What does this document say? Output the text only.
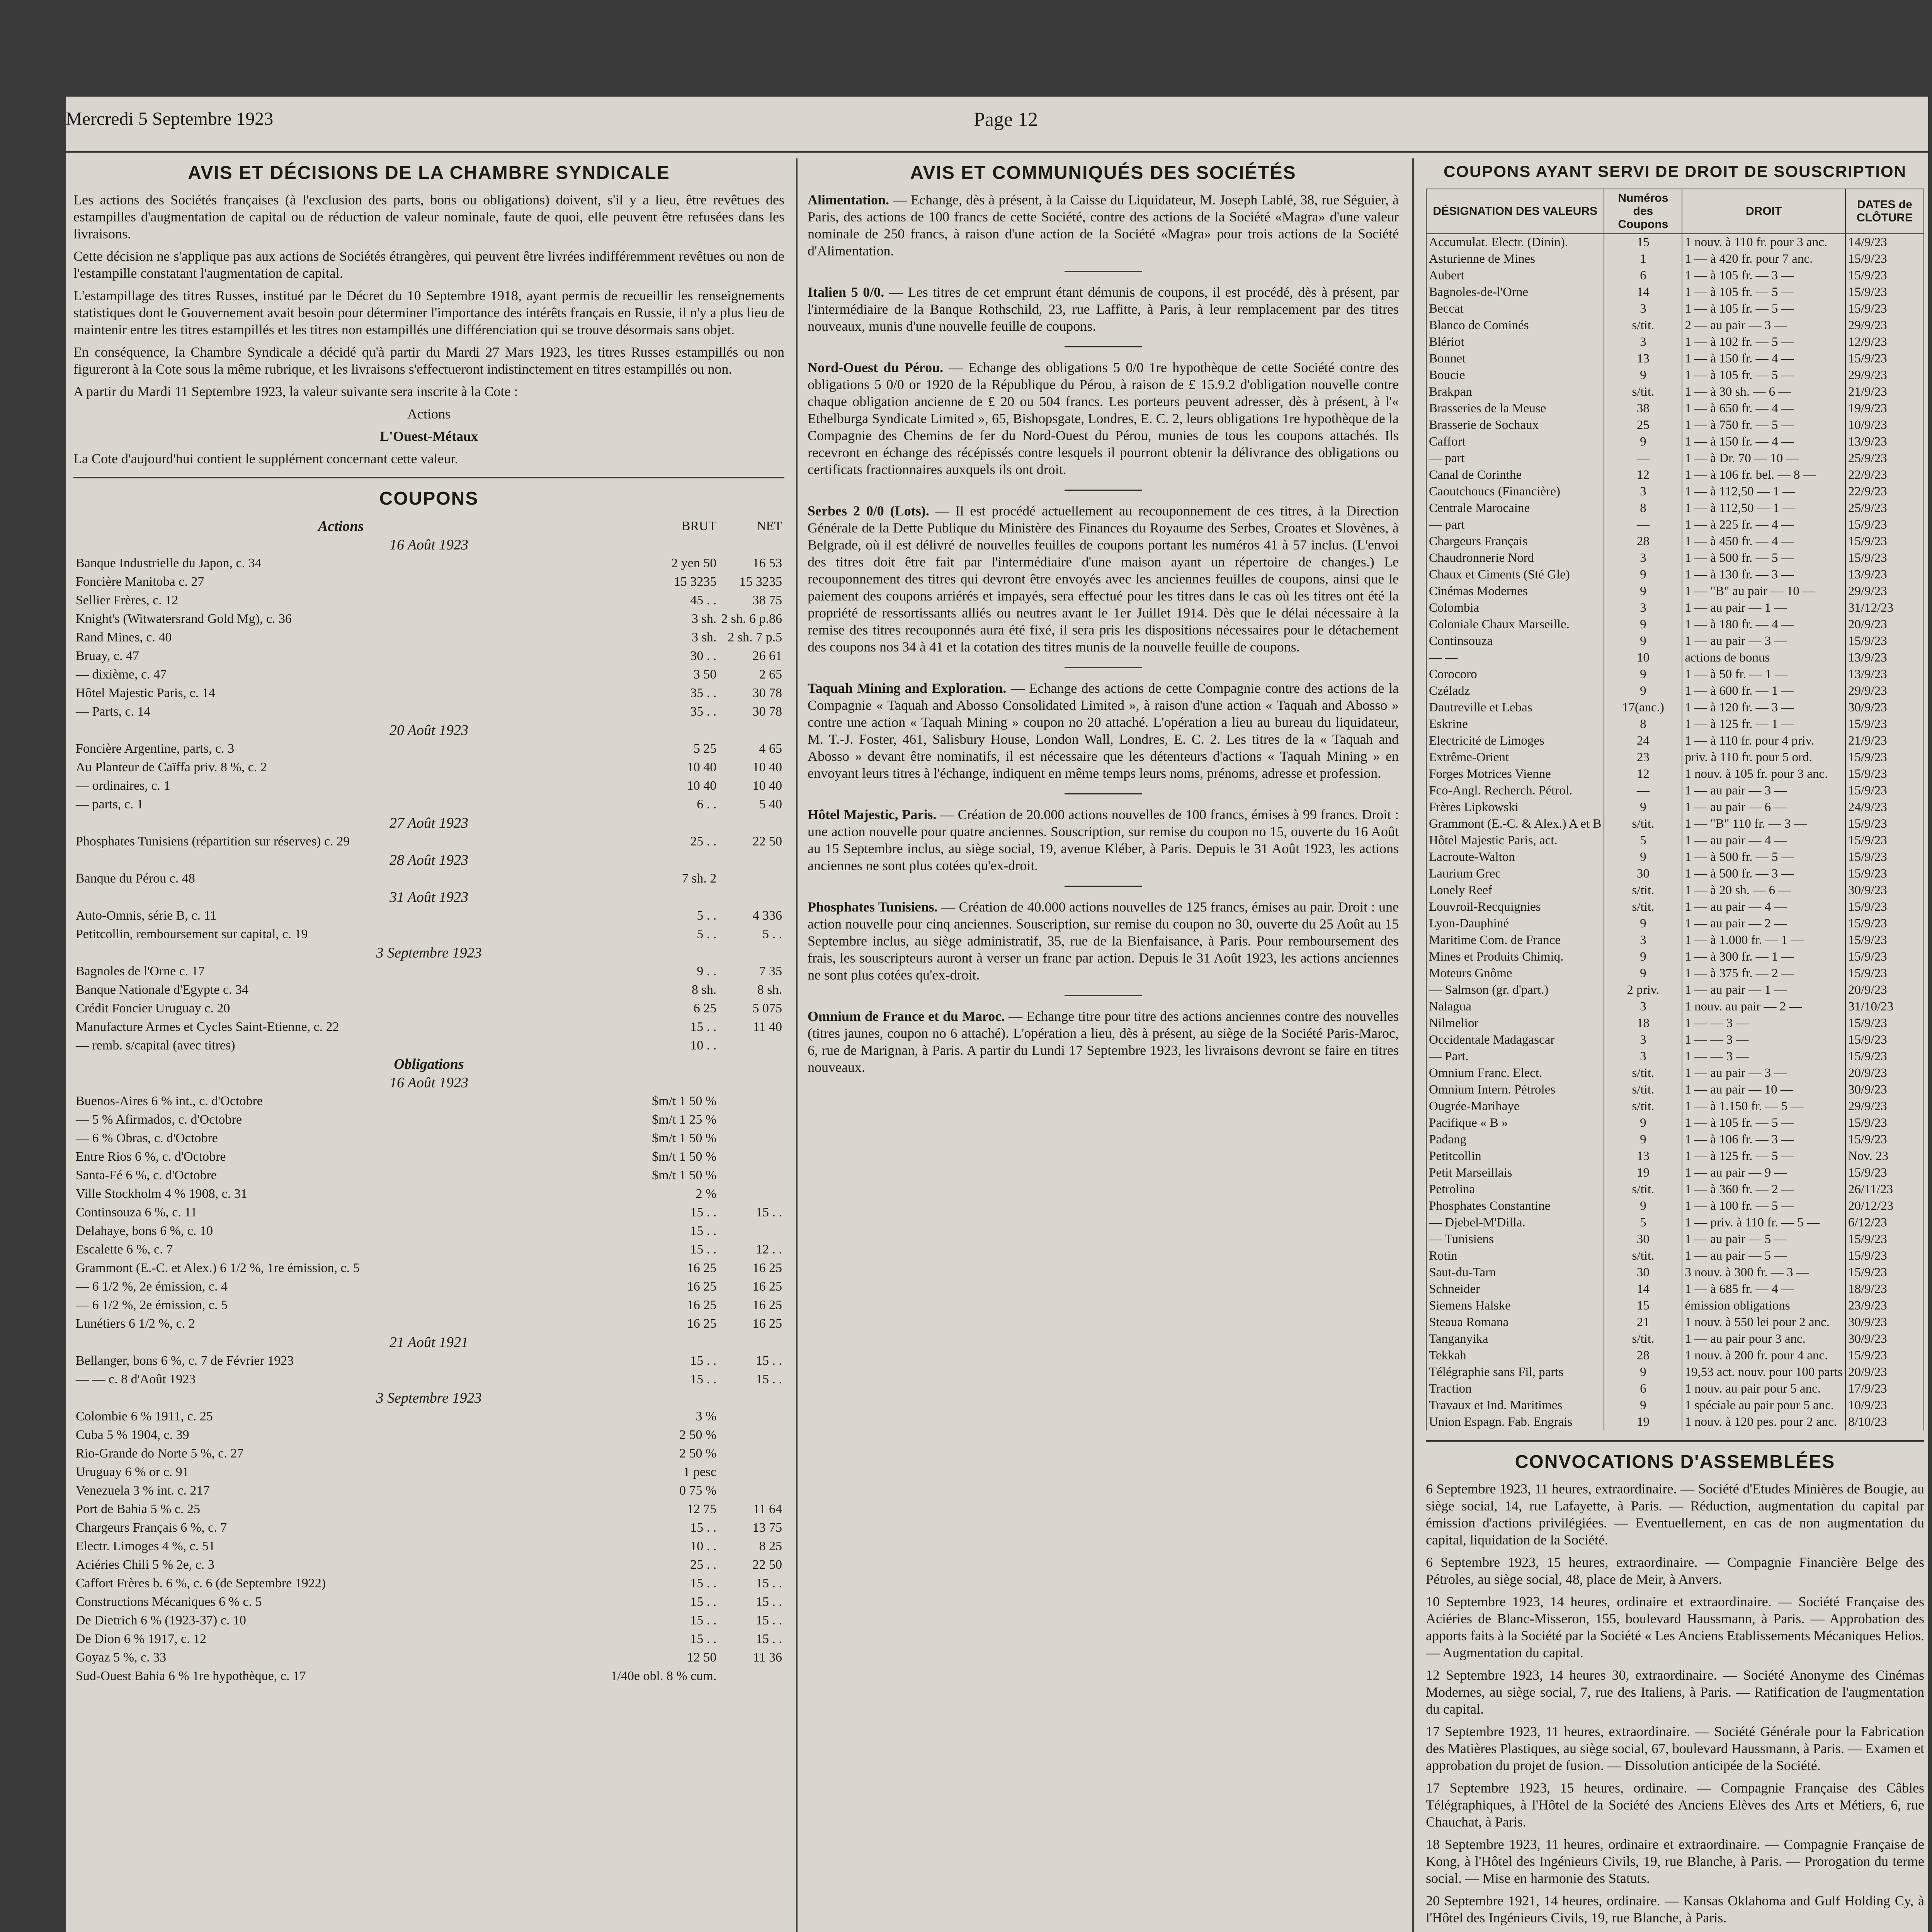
Mercredi 5 Septembre 1923	Page 12
AVIS ET DÉCISIONS DE LA CHAMBRE SYNDICALE

Les actions des Sociétés françaises (à l'exclusion des parts, bons ou obligations) doivent, s'il y a lieu, être revêtues des estampilles d'augmentation de capital ou de réduction de valeur nominale, faute de quoi, elle peuvent être refusées dans les livraisons.

Cette décision ne s'applique pas aux actions de Sociétés étrangères, qui peuvent être livrées indifféremment revêtues ou non de l'estampille constatant l'augmentation de capital.

L'estampillage des titres Russes, institué par le Décret du 10 Septembre 1918, ayant permis de recueillir les renseignements statistiques dont le Gouvernement avait besoin pour déterminer l'importance des intérêts français en Russie, il n'y a plus lieu de maintenir entre les titres estampillés et les titres non estampillés une différenciation qui se trouve désormais sans objet.

En conséquence, la Chambre Syndicale a décidé qu'à partir du Mardi 27 Mars 1923, les titres Russes estampillés ou non figureront à la Cote sous la même rubrique, et les livraisons s'effectueront indistinctement en titres estampillés ou non.

A partir du Mardi 11 Septembre 1923, la valeur suivante sera inscrite à la Cote :

Actions

L'Ouest-Métaux

La Cote d'aujourd'hui contient le supplément concernant cette valeur.

COUPONS
Actions	BRUT	NET
16 Août 1923		
Banque Industrielle du Japon, c. 34	2 yen 50	16 53
Foncière Manitoba c. 27	15 3235	15 3235
Sellier Frères, c. 12	45 . .	38 75
Knight's (Witwatersrand Gold Mg), c. 36	3 sh.	2 sh. 6 p.86
Rand Mines, c. 40	3 sh.	2 sh. 7 p.5
Bruay, c. 47	30 . .	26 61
— dixième, c. 47	3 50	2 65
Hôtel Majestic Paris, c. 14	35 . .	30 78
— Parts, c. 14	35 . .	30 78
20 Août 1923		
Foncière Argentine, parts, c. 3	5 25	4 65
Au Planteur de Caïffa priv. 8 %, c. 2	10 40	10 40
— ordinaires, c. 1	10 40	10 40
— parts, c. 1	6 . .	5 40
27 Août 1923		
Phosphates Tunisiens (répartition sur réserves) c. 29	25 . .	22 50
28 Août 1923		
Banque du Pérou c. 48	7 sh. 2	
31 Août 1923		
Auto-Omnis, série B, c. 11	5 . .	4 336
Petitcollin, remboursement sur capital, c. 19	5 . .	5 . .
3 Septembre 1923		
Bagnoles de l'Orne c. 17	9 . .	7 35
Banque Nationale d'Egypte c. 34	8 sh.	8 sh.
Crédit Foncier Uruguay c. 20	6 25	5 075
Manufacture Armes et Cycles Saint-Etienne, c. 22	15 . .	11 40
— remb. s/capital (avec titres)	10 . .	
Obligations		
16 Août 1923		
Buenos-Aires 6 % int., c. d'Octobre	$m/t 1 50 %	
— 5 % Afirmados, c. d'Octobre	$m/t 1 25 %	
— 6 % Obras, c. d'Octobre	$m/t 1 50 %	
Entre Rios 6 %, c. d'Octobre	$m/t 1 50 %	
Santa-Fé 6 %, c. d'Octobre	$m/t 1 50 %	
Ville Stockholm 4 % 1908, c. 31	2 %	
Continsouza 6 %, c. 11	15 . .	15 . .
Delahaye, bons 6 %, c. 10	15 . .	
Escalette 6 %, c. 7	15 . .	12 . .
Grammont (E.-C. et Alex.) 6 1/2 %, 1re émission, c. 5	16 25	16 25
— 6 1/2 %, 2e émission, c. 4	16 25	16 25
— 6 1/2 %, 2e émission, c. 5	16 25	16 25
Lunétiers 6 1/2 %, c. 2	16 25	16 25
21 Août 1921		
Bellanger, bons 6 %, c. 7 de Février 1923	15 . .	15 . .
— — c. 8 d'Août 1923	15 . .	15 . .
3 Septembre 1923		
Colombie 6 % 1911, c. 25	3 %	
Cuba 5 % 1904, c. 39	2 50 %	
Rio-Grande do Norte 5 %, c. 27	2 50 %	
Uruguay 6 % or c. 91	1 pesc	
Venezuela 3 % int. c. 217	0 75 %	
Port de Bahia 5 % c. 25	12 75	11 64
Chargeurs Français 6 %, c. 7	15 . .	13 75
Electr. Limoges 4 %, c. 51	10 . .	8 25
Aciéries Chili 5 % 2e, c. 3	25 . .	22 50
Caffort Frères b. 6 %, c. 6 (de Septembre 1922)	15 . .	15 . .
Constructions Mécaniques 6 % c. 5	15 . .	15 . .
De Dietrich 6 % (1923-37) c. 10	15 . .	15 . .
De Dion 6 % 1917, c. 12	15 . .	15 . .
Goyaz 5 %, c. 33	12 50	11 36
Sud-Ouest Bahia 6 % 1re hypothèque, c. 17	1/40e obl. 8 % cum.	
AVIS ET COMMUNIQUÉS DES SOCIÉTÉS

Alimentation. — Echange, dès à présent, à la Caisse du Liquidateur, M. Joseph Lablé, 38, rue Séguier, à Paris, des actions de 100 francs de cette Société, contre des actions de la Société «Magra» d'une valeur nominale de 250 francs, à raison d'une action de la Société «Magra» pour trois actions de la Société d'Alimentation.

Italien 5 0/0. — Les titres de cet emprunt étant démunis de coupons, il est procédé, dès à présent, par l'intermédiaire de la Banque Rothschild, 23, rue Laffitte, à Paris, à leur remplacement par des titres nouveaux, munis d'une nouvelle feuille de coupons.

Nord-Ouest du Pérou. — Echange des obligations 5 0/0 1re hypothèque de cette Société contre des obligations 5 0/0 or 1920 de la République du Pérou, à raison de £ 15.9.2 d'obligation nouvelle contre chaque obligation ancienne de £ 20 ou 504 francs. Les porteurs peuvent adresser, dès à présent, à l'« Ethelburga Syndicate Limited », 65, Bishopsgate, Londres, E. C. 2, leurs obligations 1re hypothèque de la Compagnie des Chemins de fer du Nord-Ouest du Pérou, munies de tous les coupons attachés. Ils recevront en échange des récépissés contre lesquels il pourront obtenir la délivrance des obligations ou certificats fractionnaires auxquels ils ont droit.

Serbes 2 0/0 (Lots). — Il est procédé actuellement au recouponnement de ces titres, à la Direction Générale de la Dette Publique du Ministère des Finances du Royaume des Serbes, Croates et Slovènes, à Belgrade, où il est délivré de nouvelles feuilles de coupons portant les numéros 41 à 57 inclus. (L'envoi des titres doit être fait par l'intermédiaire d'une maison ayant un répertoire de changes.) Le recouponnement des titres qui devront être envoyés avec les anciennes feuilles de coupons, ainsi que le paiement des coupons arriérés et impayés, sera effectué pour les titres dans le cas où les titres ont été la propriété de ressortissants alliés ou neutres avant le 1er Juillet 1914. Dès que le délai nécessaire à la remise des titres recouponnés aura été fixé, il sera pris les dispositions nécessaires pour le détachement des coupons nos 34 à 41 et la cotation des titres munis de la nouvelle feuille de coupons.

Taquah Mining and Exploration. — Echange des actions de cette Compagnie contre des actions de la Compagnie « Taquah and Abosso Consolidated Limited », à raison d'une action « Taquah and Abosso » contre une action « Taquah Mining » coupon no 20 attaché. L'opération a lieu au bureau du liquidateur, M. T.-J. Foster, 461, Salisbury House, London Wall, Londres, E. C. 2. Les titres de la « Taquah and Abosso » devant être nominatifs, il est nécessaire que les détenteurs d'actions « Taquah Mining » en envoyant leurs titres à l'échange, indiquent en même temps leurs noms, prénoms, adresse et profession.

Hôtel Majestic, Paris. — Création de 20.000 actions nouvelles de 100 francs, émises à 99 francs. Droit : une action nouvelle pour quatre anciennes. Souscription, sur remise du coupon no 15, ouverte du 16 Août au 15 Septembre inclus, au siège social, 19, avenue Kléber, à Paris. Depuis le 31 Août 1923, les actions anciennes ne sont plus cotées qu'ex-droit.

Phosphates Tunisiens. — Création de 40.000 actions nouvelles de 125 francs, émises au pair. Droit : une action nouvelle pour cinq anciennes. Souscription, sur remise du coupon no 30, ouverte du 25 Août au 15 Septembre inclus, au siège administratif, 35, rue de la Bienfaisance, à Paris. Pour remboursement des frais, les souscripteurs auront à verser un franc par action. Depuis le 31 Août 1923, les actions anciennes ne sont plus cotées qu'ex-droit.

Omnium de France et du Maroc. — Echange titre pour titre des actions anciennes contre des nouvelles (titres jaunes, coupon no 6 attaché). L'opération a lieu, dès à présent, au siège de la Société Paris-Maroc, 6, rue de Marignan, à Paris. A partir du Lundi 17 Septembre 1923, les livraisons devront se faire en titres nouveaux.

COUPONS AYANT SERVI DE DROIT DE SOUSCRIPTION
DÉSIGNATION DES VALEURS	Numéros des Coupons	DROIT	DATES de CLÔTURE
Accumulat. Electr. (Dinin).	15	1 nouv. à 110 fr. pour 3 anc.	14/9/23
Asturienne de Mines	1	1 — à 420 fr. pour 7 anc.	15/9/23
Aubert	6	1 — à 105 fr. — 3 —	15/9/23
Bagnoles-de-l'Orne	14	1 — à 105 fr. — 5 —	15/9/23
Beccat	3	1 — à 105 fr. — 5 —	15/9/23
Blanco de Cominés	s/tit.	2 — au pair — 3 —	29/9/23
Blériot	3	1 — à 102 fr. — 5 —	12/9/23
Bonnet	13	1 — à 150 fr. — 4 —	15/9/23
Boucie	9	1 — à 105 fr. — 5 —	29/9/23
Brakpan	s/tit.	1 — à 30 sh. — 6 —	21/9/23
Brasseries de la Meuse	38	1 — à 650 fr. — 4 —	19/9/23
Brasserie de Sochaux	25	1 — à 750 fr. — 5 —	10/9/23
Caffort	9	1 — à 150 fr. — 4 —	13/9/23
— part	—	1 — à Dr. 70 — 10 —	25/9/23
Canal de Corinthe	12	1 — à 106 fr. bel. — 8 —	22/9/23
Caoutchoucs (Financière)	3	1 — à 112,50 — 1 —	22/9/23
Centrale Marocaine	8	1 — à 112,50 — 1 —	25/9/23
— part	—	1 — à 225 fr. — 4 —	15/9/23
Chargeurs Français	28	1 — à 450 fr. — 4 —	15/9/23
Chaudronnerie Nord	3	1 — à 500 fr. — 5 —	15/9/23
Chaux et Ciments (Sté Gle)	9	1 — à 130 fr. — 3 —	13/9/23
Cinémas Modernes	9	1 — "B" au pair — 10 —	29/9/23
Colombia	3	1 — au pair — 1 —	31/12/23
Coloniale Chaux Marseille.	9	1 — à 180 fr. — 4 —	20/9/23
Continsouza	9	1 — au pair — 3 —	15/9/23
— —	10	actions de bonus	13/9/23
Corocoro	9	1 — à 50 fr. — 1 —	13/9/23
Czéladz	9	1 — à 600 fr. — 1 —	29/9/23
Dautreville et Lebas	17(anc.)	1 — à 120 fr. — 3 —	30/9/23
Eskrine	8	1 — à 125 fr. — 1 —	15/9/23
Electricité de Limoges	24	1 — à 110 fr. pour 4 priv.	21/9/23
Extrême-Orient	23	priv. à 110 fr. pour 5 ord.	15/9/23
Forges Motrices Vienne	12	1 nouv. à 105 fr. pour 3 anc.	15/9/23
Fco-Angl. Recherch. Pétrol.	—	1 — au pair — 3 —	15/9/23
Frères Lipkowski	9	1 — au pair — 6 —	24/9/23
Grammont (E.-C. & Alex.) A et B	s/tit.	1 — "B" 110 fr. — 3 —	15/9/23
Hôtel Majestic Paris, act.	5	1 — au pair — 4 —	15/9/23
Lacroute-Walton	9	1 — à 500 fr. — 5 —	15/9/23
Laurium Grec	30	1 — à 500 fr. — 3 —	15/9/23
Lonely Reef	s/tit.	1 — à 20 sh. — 6 —	30/9/23
Louvroil-Recquignies	s/tit.	1 — au pair — 4 —	15/9/23
Lyon-Dauphiné	9	1 — au pair — 2 —	15/9/23
Maritime Com. de France	3	1 — à 1.000 fr. — 1 —	15/9/23
Mines et Produits Chimiq.	9	1 — à 300 fr. — 1 —	15/9/23
Moteurs Gnôme	9	1 — à 375 fr. — 2 —	15/9/23
— Salmson (gr. d'part.)	2 priv.	1 — au pair — 1 —	20/9/23
Nalagua	3	1 nouv. au pair — 2 —	31/10/23
Nilmelior	18	1 — — 3 —	15/9/23
Occidentale Madagascar	3	1 — — 3 —	15/9/23
— Part.	3	1 — — 3 —	15/9/23
Omnium Franc. Elect.	s/tit.	1 — au pair — 3 —	20/9/23
Omnium Intern. Pétroles	s/tit.	1 — au pair — 10 —	30/9/23
Ougrée-Marihaye	s/tit.	1 — à 1.150 fr. — 5 —	29/9/23
Pacifique « B »	9	1 — à 105 fr. — 5 —	15/9/23
Padang	9	1 — à 106 fr. — 3 —	15/9/23
Petitcollin	13	1 — à 125 fr. — 5 —	Nov. 23
Petit Marseillais	19	1 — au pair — 9 —	15/9/23
Petrolina	s/tit.	1 — à 360 fr. — 2 —	26/11/23
Phosphates Constantine	9	1 — à 100 fr. — 5 —	20/12/23
— Djebel-M'Dilla.	5	1 — priv. à 110 fr. — 5 —	6/12/23
— Tunisiens	30	1 — au pair — 5 —	15/9/23
Rotin	s/tit.	1 — au pair — 5 —	15/9/23
Saut-du-Tarn	30	3 nouv. à 300 fr. — 3 —	15/9/23
Schneider	14	1 — à 685 fr. — 4 —	18/9/23
Siemens Halske	15	émission obligations	23/9/23
Steaua Romana	21	1 nouv. à 550 lei pour 2 anc.	30/9/23
Tanganyika	s/tit.	1 — au pair pour 3 anc.	30/9/23
Tekkah	28	1 nouv. à 200 fr. pour 4 anc.	15/9/23
Télégraphie sans Fil, parts	9	19,53 act. nouv. pour 100 parts	20/9/23
Traction	6	1 nouv. au pair pour 5 anc.	17/9/23
Travaux et Ind. Maritimes	9	1 spéciale au pair pour 5 anc.	10/9/23
Union Espagn. Fab. Engrais	19	1 nouv. à 120 pes. pour 2 anc.	8/10/23
CONVOCATIONS D'ASSEMBLÉES

6 Septembre 1923, 11 heures, extraordinaire. — Société d'Etudes Minières de Bougie, au siège social, 14, rue Lafayette, à Paris. — Réduction, augmentation du capital par émission d'actions privilégiées. — Eventuellement, en cas de non augmentation du capital, liquidation de la Société.

6 Septembre 1923, 15 heures, extraordinaire. — Compagnie Financière Belge des Pétroles, au siège social, 48, place de Meir, à Anvers.

10 Septembre 1923, 14 heures, ordinaire et extraordinaire. — Société Française des Aciéries de Blanc-Misseron, 155, boulevard Haussmann, à Paris. — Approbation des apports faits à la Société par la Société « Les Anciens Etablissements Mécaniques Helios. — Augmentation du capital.

12 Septembre 1923, 14 heures 30, extraordinaire. — Société Anonyme des Cinémas Modernes, au siège social, 7, rue des Italiens, à Paris. — Ratification de l'augmentation du capital.

17 Septembre 1923, 11 heures, extraordinaire. — Société Générale pour la Fabrication des Matières Plastiques, au siège social, 67, boulevard Haussmann, à Paris. — Examen et approbation du projet de fusion. — Dissolution anticipée de la Société.

17 Septembre 1923, 15 heures, ordinaire. — Compagnie Française des Câbles Télégraphiques, à l'Hôtel de la Société des Anciens Elèves des Arts et Métiers, 6, rue Chauchat, à Paris.

18 Septembre 1923, 11 heures, ordinaire et extraordinaire. — Compagnie Française de Kong, à l'Hôtel des Ingénieurs Civils, 19, rue Blanche, à Paris. — Prorogation du terme social. — Mise en harmonie des Statuts.

20 Septembre 1921, 14 heures, ordinaire. — Kansas Oklahoma and Gulf Holding Cy, à l'Hôtel des Ingénieurs Civils, 19, rue Blanche, à Paris.
